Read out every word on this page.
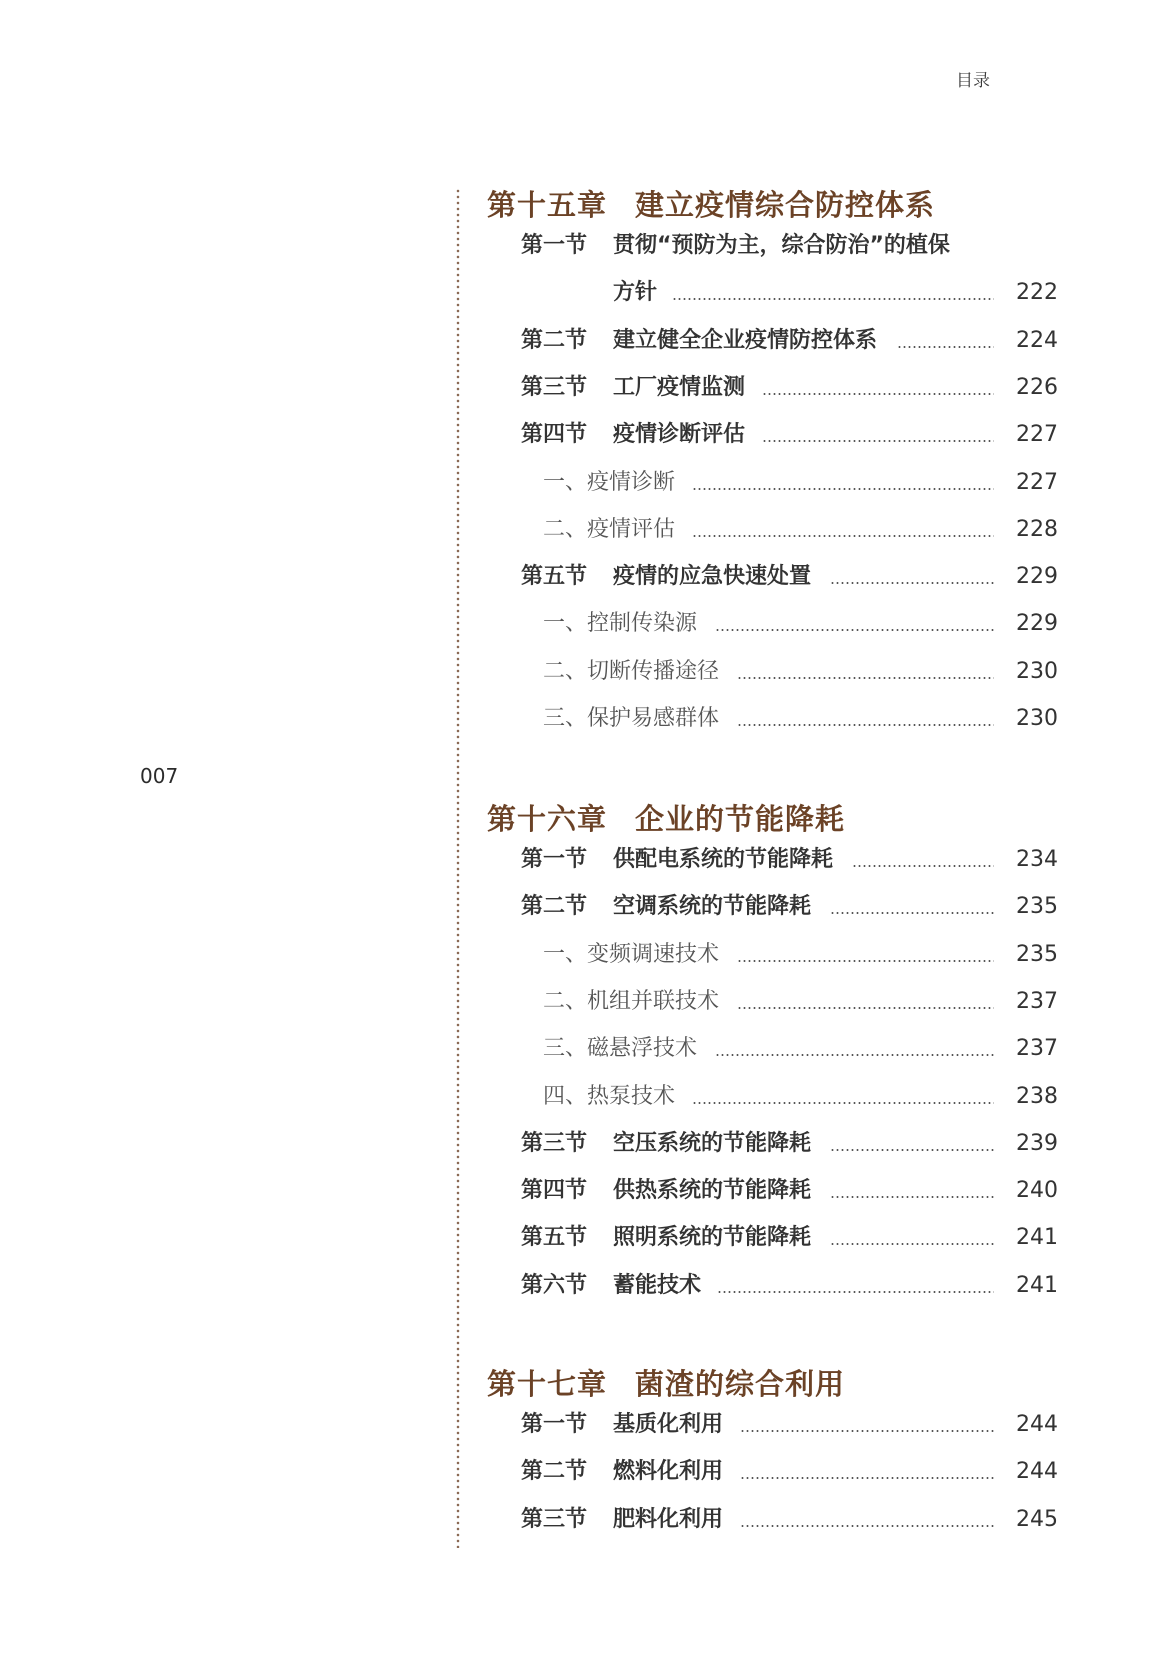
目录
007
第十五章 建立疫情综合防控体系
第一节 贯彻“预防为主，综合防治”的植保
方针	222
第二节 建立健全企业疫情防控体系	224
第三节 工厂疫情监测	226
第四节 疫情诊断评估	227
一、疫情诊断	227
二、疫情评估	228
第五节 疫情的应急快速处置	229
一、控制传染源	229
二、切断传播途径	230
三、保护易感群体	230
第十六章 企业的节能降耗
第一节 供配电系统的节能降耗	234
第二节 空调系统的节能降耗	235
一、变频调速技术	235
二、机组并联技术	237
三、磁悬浮技术	237
四、热泵技术	238
第三节 空压系统的节能降耗	239
第四节 供热系统的节能降耗	240
第五节 照明系统的节能降耗	241
第六节 蓄能技术	241
第十七章 菌渣的综合利用
第一节 基质化利用	244
第二节 燃料化利用	244
第三节 肥料化利用	245
